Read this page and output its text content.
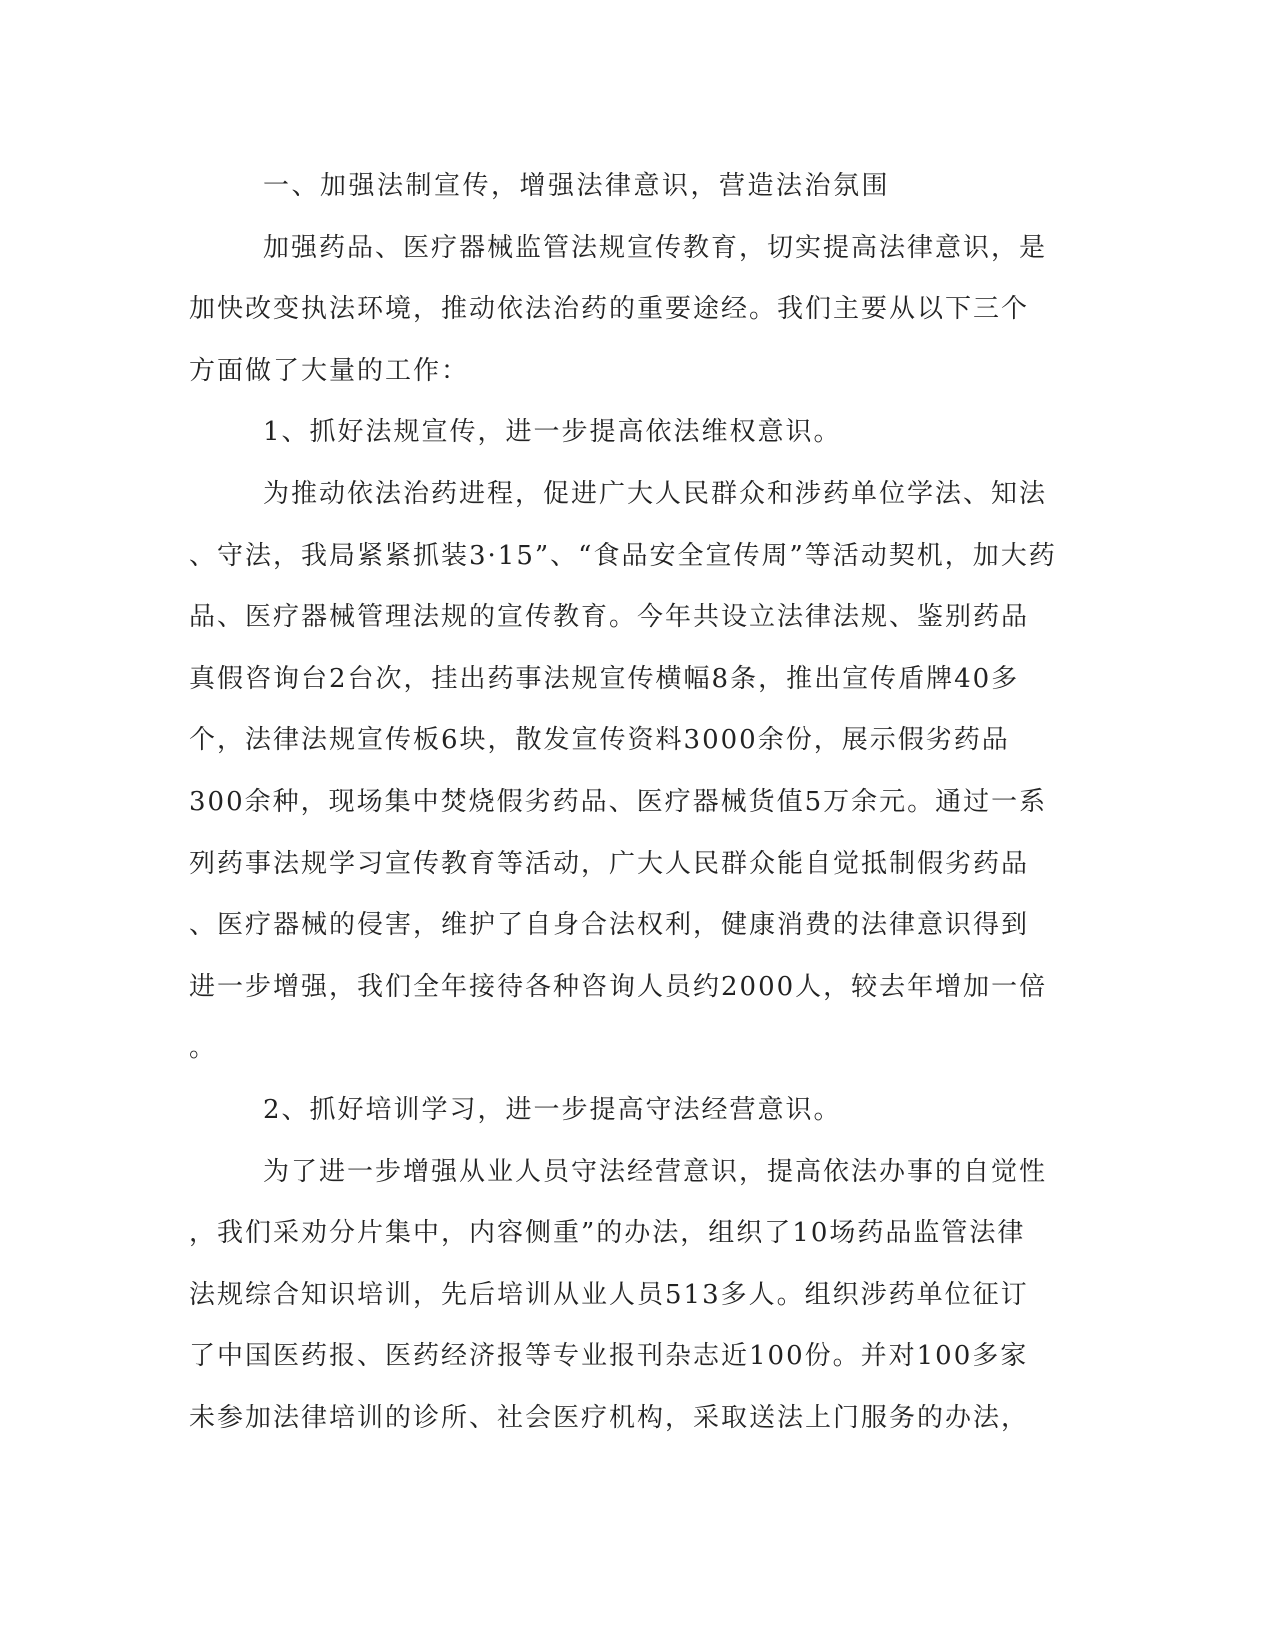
一、加强法制宣传，增强法律意识，营造法治氛围
加强药品、医疗器械监管法规宣传教育，切实提高法律意识，是
加快改变执法环境，推动依法治药的重要途经。我们主要从以下三个
方面做了大量的工作：
1、抓好法规宣传，进一步提高依法维权意识。
为推动依法治药进程，促进广大人民群众和涉药单位学法、知法
、守法，我局紧紧抓装3·15”、“食品安全宣传周”等活动契机，加大药
品、医疗器械管理法规的宣传教育。今年共设立法律法规、鉴别药品
真假咨询台2台次，挂出药事法规宣传横幅8条，推出宣传盾牌40多
个，法律法规宣传板6块，散发宣传资料3000余份，展示假劣药品
300余种，现场集中焚烧假劣药品、医疗器械货值5万余元。通过一系
列药事法规学习宣传教育等活动，广大人民群众能自觉抵制假劣药品
、医疗器械的侵害，维护了自身合法权利，健康消费的法律意识得到
进一步增强，我们全年接待各种咨询人员约2000人，较去年增加一倍
。
2、抓好培训学习，进一步提高守法经营意识。
为了进一步增强从业人员守法经营意识，提高依法办事的自觉性
，我们采劝分片集中，内容侧重”的办法，组织了10场药品监管法律
法规综合知识培训，先后培训从业人员513多人。组织涉药单位征订
了中国医药报、医药经济报等专业报刊杂志近100份。并对100多家
未参加法律培训的诊所、社会医疗机构，采取送法上门服务的办法，
